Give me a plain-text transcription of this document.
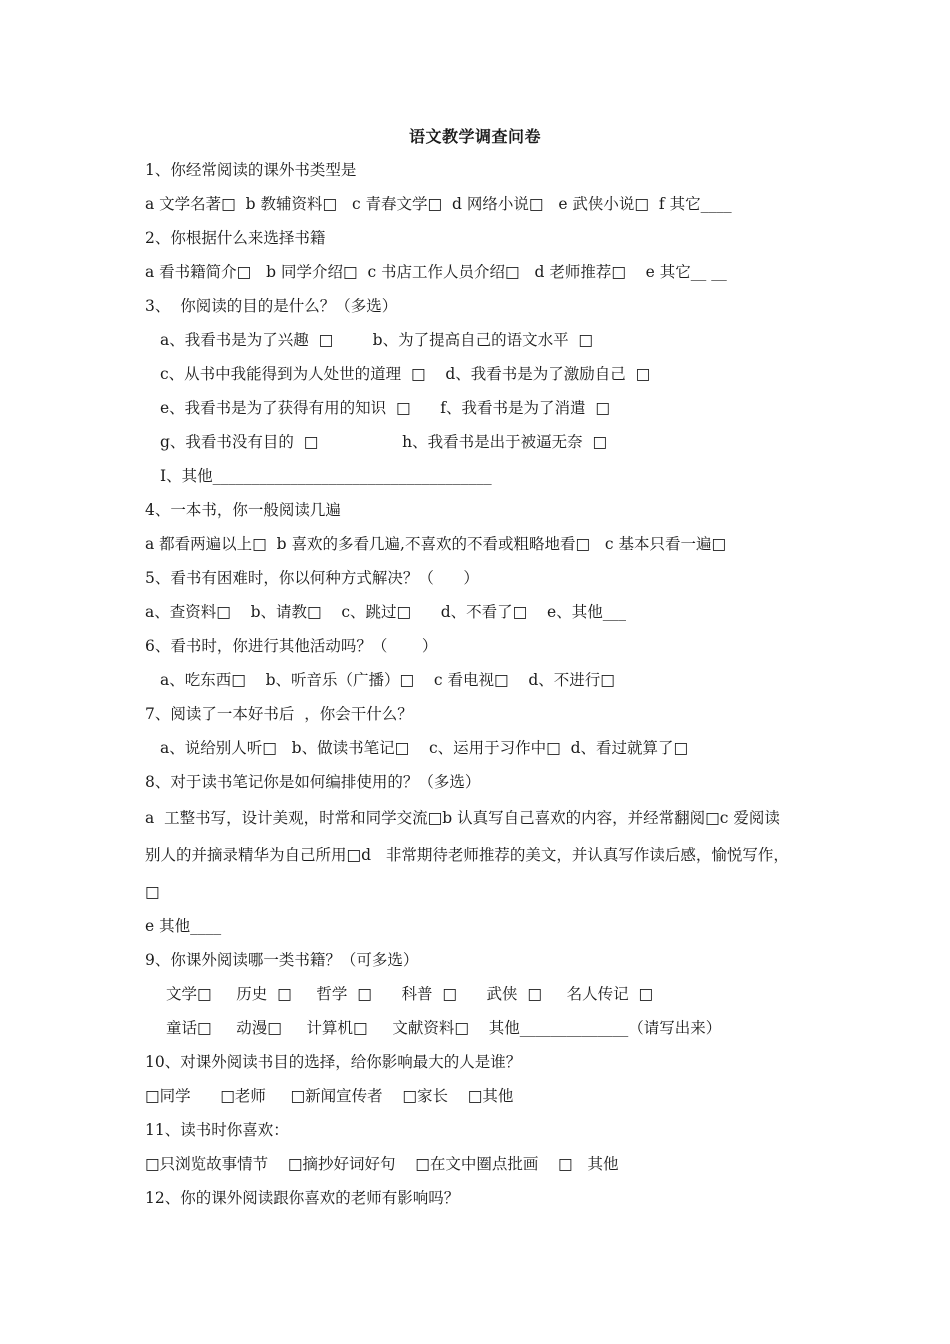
语文教学调查问卷
1、你经常阅读的课外书类型是
a 文学名著□  b 教辅资料□   c 青春文学□  d 网络小说□   e 武侠小说□  f 其它____
2、你根据什么来选择书籍
a 看书籍简介□   b 同学介绍□  c 书店工作人员介绍□   d 老师推荐□    e 其它__ __
3、  你阅读的目的是什么？（多选）
a、我看书是为了兴趣  □        b、为了提高自己的语文水平  □
c、从书中我能得到为人处世的道理  □    d、我看书是为了激励自己  □
e、我看书是为了获得有用的知识  □      f、我看书是为了消遣  □
g、我看书没有目的  □                 h、我看书是出于被逼无奈  □
I、其他____________________________________
4、一本书，你一般阅读几遍
a 都看两遍以上□  b 喜欢的多看几遍,不喜欢的不看或粗略地看□   c 基本只看一遍□
5、看书有困难时，你以何种方式解决？（      ）
a、查资料□    b、请教□    c、跳过□      d、不看了□    e、其他___
6、看书时，你进行其他活动吗？（       ）
a、吃东西□    b、听音乐（广播）□    c 看电视□    d、不进行□
7、阅读了一本好书后  ，你会干什么？
a、说给别人听□   b、做读书笔记□    c、运用于习作中□  d、看过就算了□
8、对于读书笔记你是如何编排使用的？（多选）
a  工整书写，设计美观，时常和同学交流□b 认真写自己喜欢的内容，并经常翻阅□c 爱阅读
别人的并摘录精华为自己所用□d   非常期待老师推荐的美文，并认真写作读后感，愉悦写作，
□
e 其他____
9、你课外阅读哪一类书籍？（可多选）
文学□     历史  □     哲学  □      科普  □      武侠  □     名人传记  □
童话□     动漫□     计算机□     文献资料□    其他______________（请写出来）
10、对课外阅读书目的选择，给你影响最大的人是谁？
□同学      □老师     □新闻宣传者    □家长    □其他
11、读书时你喜欢：
□只浏览故事情节    □摘抄好词好句    □在文中圈点批画    □   其他
12、你的课外阅读跟你喜欢的老师有影响吗？
